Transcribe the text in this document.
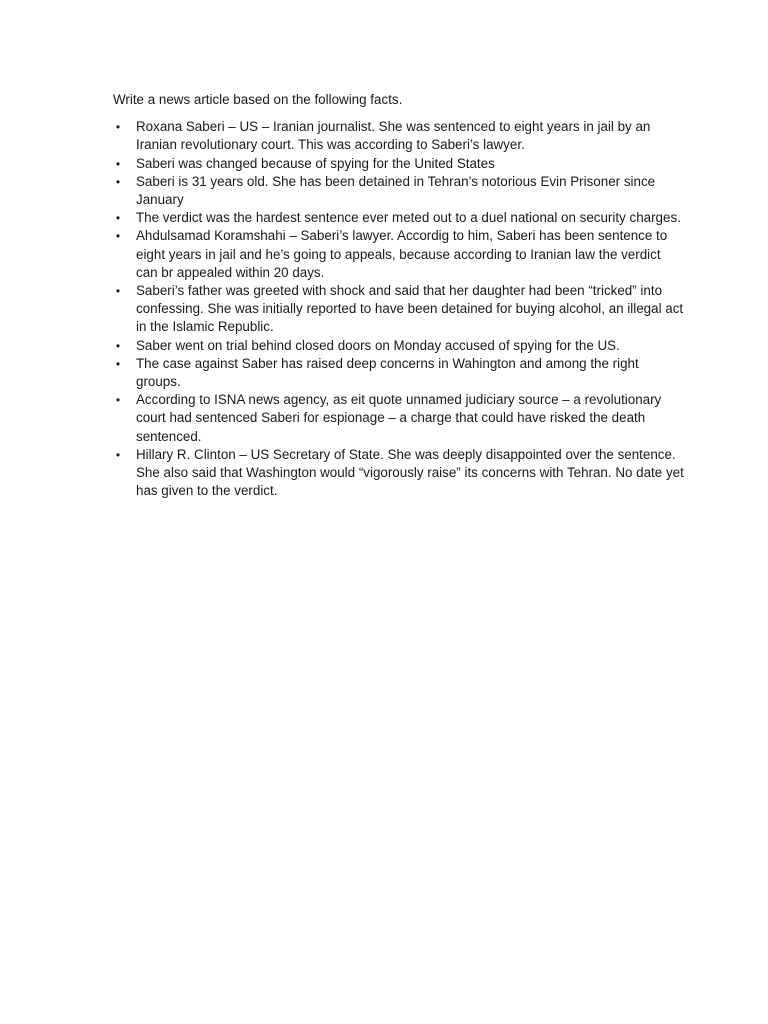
Write a news article based on the following facts.

• Roxana Saberi – US – Iranian journalist. She was sentenced to eight years in jail by an Iranian revolutionary court. This was according to Saberi’s lawyer.
• Saberi was changed because of spying for the United States
• Saberi is 31 years old. She has been detained in Tehran’s notorious Evin Prisoner since January
• The verdict was the hardest sentence ever meted out to a duel national on security charges.
• Ahdulsamad Koramshahi – Saberi’s lawyer. Accordig to him, Saberi has been sentence to eight years in jail and he’s going to appeals, because according to Iranian law the verdict can br appealed within 20 days.
• Saberi’s father was greeted with shock and said that her daughter had been “tricked” into confessing. She was initially reported to have been detained for buying alcohol, an illegal act in the Islamic Republic.
• Saber went on trial behind closed doors on Monday accused of spying for the US.
• The case against Saber has raised deep concerns in Wahington and among the right groups.
• According to ISNA news agency, as eit quote unnamed judiciary source – a revolutionary court had sentenced Saberi for espionage – a charge that could have risked the death sentenced.
• Hillary R. Clinton – US Secretary of State. She was deeply disappointed over the sentence. She also said that Washington would “vigorously raise” its concerns with Tehran. No date yet has given to the verdict.
